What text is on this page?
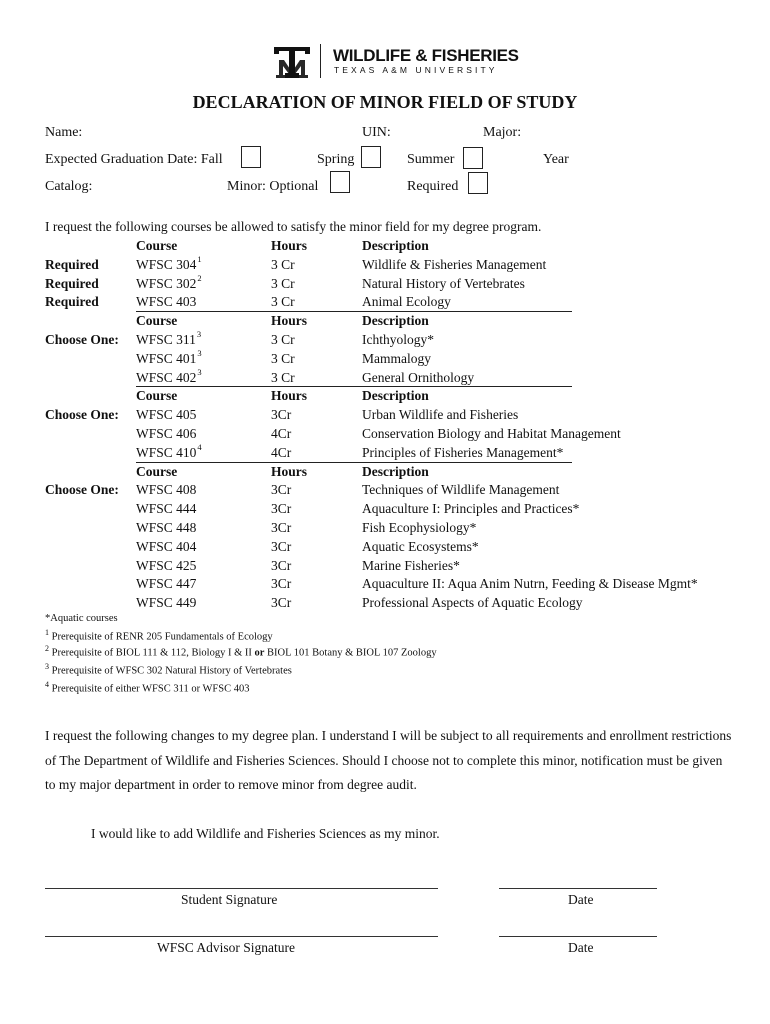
WILDLIFE & FISHERIES
TEXAS A&M UNIVERSITY
DECLARATION OF MINOR FIELD OF STUDY
Name:	UIN:	Major:
Expected Graduation Date: Fall	Spring	Summer	Year
Catalog:	Minor: Optional	Required
I request the following courses be allowed to satisfy the minor field for my degree program.
Course	Hours	Description
Required	WFSC $304^1$	3 Cr	Wildlife & Fisheries Management
Required	WFSC $302^2$	3 Cr	Natural History of Vertebrates
Required	WFSC 403	3 Cr	Animal Ecology
Course	Hours	Description
Choose One: WFSC $311^3$	3 Cr	Ichthyology*
WFSC $401^3$	3 Cr	Mammalogy
WFSC $402^3$	3 Cr	General Ornithology
Course	Hours	Description
Choose One: WFSC 405	3Cr	Urban Wildlife and Fisheries
WFSC 406	4Cr	Conservation Biology and Habitat Management
WFSC $410^4$	4Cr	Principles of Fisheries Management*
Course	Hours	Description
Choose One: WFSC 408	3Cr	Techniques of Wildlife Management
WFSC 444	3Cr	Aquaculture I: Principles and Practices*
WFSC 448	3Cr	Fish Ecophysiology*
WFSC 404	3Cr	Aquatic Ecosystems*
WFSC 425	3Cr	Marine Fisheries*
WFSC 447	3Cr	Aquaculture II: Aqua Anim Nutrn, Feeding & Disease Mgmt*
WFSC 449	3Cr	Professional Aspects of Aquatic Ecology
*Aquatic courses
$^1$ Prerequisite of RENR 205 Fundamentals of Ecology
$^2$ Prerequisite of BIOL 111 & 112, Biology I & II or BIOL 101 Botany & BIOL 107 Zoology
$^3$ Prerequisite of WFSC 302 Natural History of Vertebrates
$^4$ Prerequisite of either WFSC 311 or WFSC 403
I request the following changes to my degree plan. I understand I will be subject to all requirements and enrollment restrictions of The Department of Wildlife and Fisheries Sciences. Should I choose not to complete this minor, notification must be given to my major department in order to remove minor from degree audit.
I would like to add Wildlife and Fisheries Sciences as my minor.
Student Signature	Date
WFSC Advisor Signature	Date
